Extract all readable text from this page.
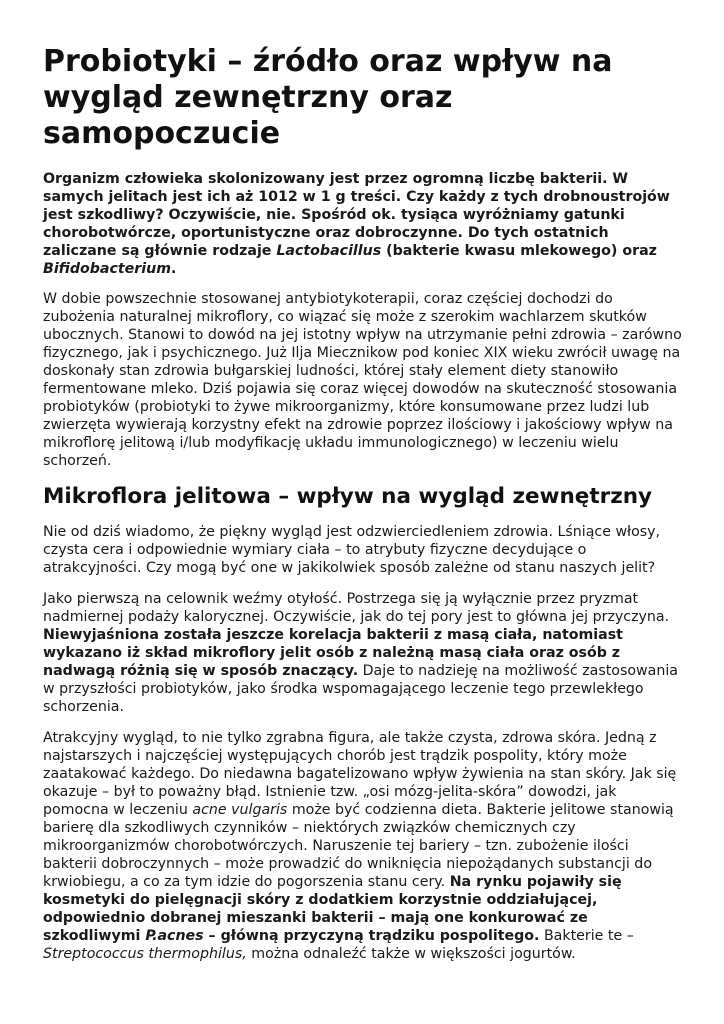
Probiotyki – źródło oraz wpływ na wygląd zewnętrzny oraz samopoczucie

Organizm człowieka skolonizowany jest przez ogromną liczbę bakterii. W samych jelitach jest ich aż 1012 w 1 g treści. Czy każdy z tych drobnoustrojów jest szkodliwy? Oczywiście, nie. Spośród ok. tysiąca wyróżniamy gatunki chorobotwórcze, oportunistyczne oraz dobroczynne. Do tych ostatnich zaliczane są głównie rodzaje Lactobacillus (bakterie kwasu mlekowego) oraz Bifidobacterium.

W dobie powszechnie stosowanej antybiotykoterapii, coraz częściej dochodzi do zubożenia naturalnej mikroflory, co wiązać się może z szerokim wachlarzem skutków ubocznych. Stanowi to dowód na jej istotny wpływ na utrzymanie pełni zdrowia – zarówno fizycznego, jak i psychicznego. Już Ilja Miecznikow pod koniec XIX wieku zwrócił uwagę na doskonały stan zdrowia bułgarskiej ludności, której stały element diety stanowiło fermentowane mleko. Dziś pojawia się coraz więcej dowodów na skuteczność stosowania probiotyków (probiotyki to żywe mikroorganizmy, które konsumowane przez ludzi lub zwierzęta wywierają korzystny efekt na zdrowie poprzez ilościowy i jakościowy wpływ na mikroflorę jelitową i/lub modyfikację układu immunologicznego) w leczeniu wielu schorzeń.

Mikroflora jelitowa – wpływ na wygląd zewnętrzny

Nie od dziś wiadomo, że piękny wygląd jest odzwierciedleniem zdrowia. Lśniące włosy, czysta cera i odpowiednie wymiary ciała – to atrybuty fizyczne decydujące o atrakcyjności. Czy mogą być one w jakikolwiek sposób zależne od stanu naszych jelit?

Jako pierwszą na celownik weźmy otyłość. Postrzega się ją wyłącznie przez pryzmat nadmiernej podaży kalorycznej. Oczywiście, jak do tej pory jest to główna jej przyczyna. Niewyjaśniona została jeszcze korelacja bakterii z masą ciała, natomiast wykazano iż skład mikroflory jelit osób z należną masą ciała oraz osób z nadwagą różnią się w sposób znaczący. Daje to nadzieję na możliwość zastosowania w przyszłości probiotyków, jako środka wspomagającego leczenie tego przewlekłego schorzenia.

Atrakcyjny wygląd, to nie tylko zgrabna figura, ale także czysta, zdrowa skóra. Jedną z najstarszych i najczęściej występujących chorób jest trądzik pospolity, który może zaatakować każdego. Do niedawna bagatelizowano wpływ żywienia na stan skóry. Jak się okazuje – był to poważny błąd. Istnienie tzw. „osi mózg-jelita-skóra” dowodzi, jak pomocna w leczeniu acne vulgaris może być codzienna dieta. Bakterie jelitowe stanowią barierę dla szkodliwych czynników – niektórych związków chemicznych czy mikroorganizmów chorobotwórczych. Naruszenie tej bariery – tzn. zubożenie ilości bakterii dobroczynnych – może prowadzić do wniknięcia niepożądanych substancji do krwiobiegu, a co za tym idzie do pogorszenia stanu cery. Na rynku pojawiły się kosmetyki do pielęgnacji skóry z dodatkiem korzystnie oddziałującej, odpowiednio dobranej mieszanki bakterii – mają one konkurować ze szkodliwymi P.acnes – główną przyczyną trądziku pospolitego. Bakterie te – Streptococcus thermophilus, można odnaleźć także w większości jogurtów.
